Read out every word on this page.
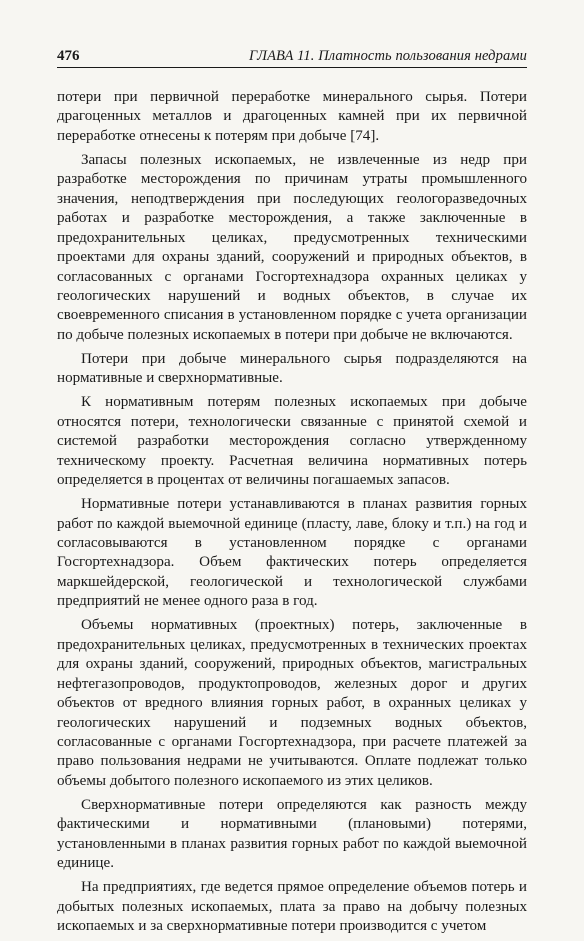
476	ГЛАВА 11. Платность пользования недрами

потери при первичной переработке минерального сырья. Потери драгоценных металлов и драгоценных камней при их первичной переработке отнесены к потерям при добыче [74].

Запасы полезных ископаемых, не извлеченные из недр при разработке месторождения по причинам утраты промышленного значения, неподтверждения при последующих геологоразведочных работах и разработке месторождения, а также заключенные в предохранительных целиках, предусмотренных техническими проектами для охраны зданий, сооружений и природных объектов, в согласованных с органами Госгортехнадзора охранных целиках у геологических нарушений и водных объектов, в случае их своевременного списания в установленном порядке с учета организации по добыче полезных ископаемых в потери при добыче не включаются.

Потери при добыче минерального сырья подразделяются на нормативные и сверхнормативные.

К нормативным потерям полезных ископаемых при добыче относятся потери, технологически связанные с принятой схемой и системой разработки месторождения согласно утвержденному техническому проекту. Расчетная величина нормативных потерь определяется в процентах от величины погашаемых запасов.

Нормативные потери устанавливаются в планах развития горных работ по каждой выемочной единице (пласту, лаве, блоку и т.п.) на год и согласовываются в установленном порядке с органами Госгортехнадзора. Объем фактических потерь определяется маркшейдерской, геологической и технологической службами предприятий не менее одного раза в год.

Объемы нормативных (проектных) потерь, заключенные в предохранительных целиках, предусмотренных в технических проектах для охраны зданий, сооружений, природных объектов, магистральных нефтегазопроводов, продуктопроводов, железных дорог и других объектов от вредного влияния горных работ, в охранных целиках у геологических нарушений и подземных водных объектов, согласованные с органами Госгортехнадзора, при расчете платежей за право пользования недрами не учитываются. Оплате подлежат только объемы добытого полезного ископаемого из этих целиков.

Сверхнормативные потери определяются как разность между фактическими и нормативными (плановыми) потерями, установленными в планах развития горных работ по каждой выемочной единице.

На предприятиях, где ведется прямое определение объемов потерь и добытых полезных ископаемых, плата за право на добычу полезных ископаемых и за сверхнормативные потери производится с учетом
